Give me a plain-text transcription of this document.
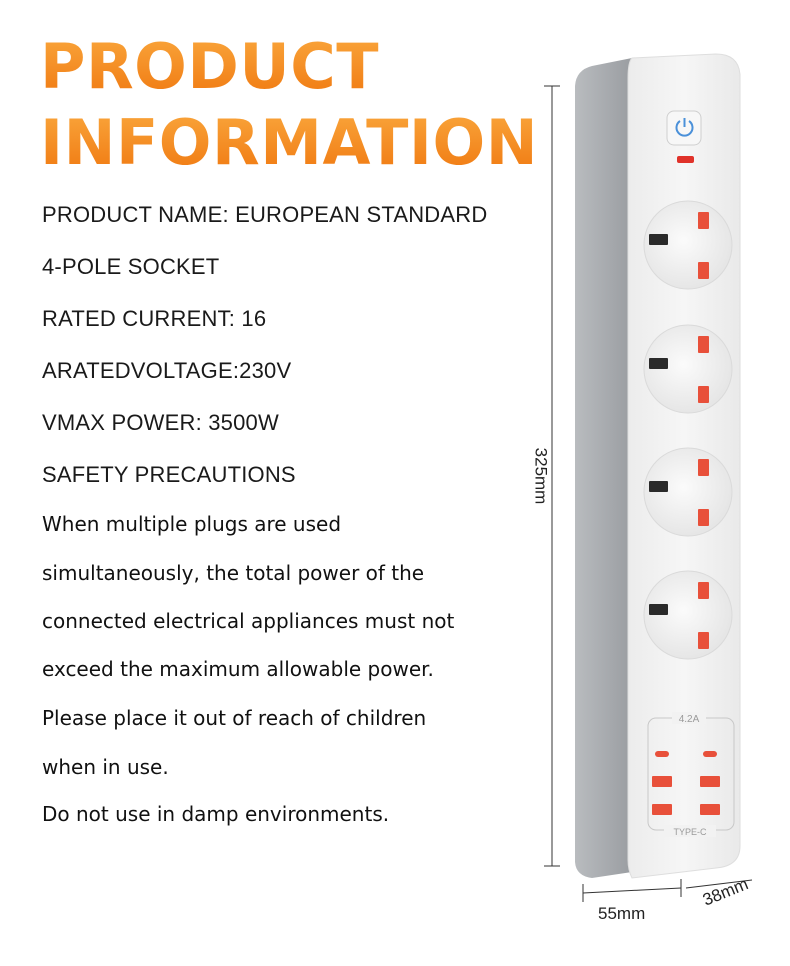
PRODUCT
INFORMATION
PRODUCT NAME: EUROPEAN STANDARD
4-POLE SOCKET
RATED CURRENT: 16
ARATEDVOLTAGE:230V
VMAX POWER: 3500W
SAFETY PRECAUTIONS
When multiple plugs are used
simultaneously, the total power of the
connected electrical appliances must not
exceed the maximum allowable power.
Please place it out of reach of children
when in use.
Do not use in damp environments.
4.2A
TYPE-C
325mm
55mm
38mm
